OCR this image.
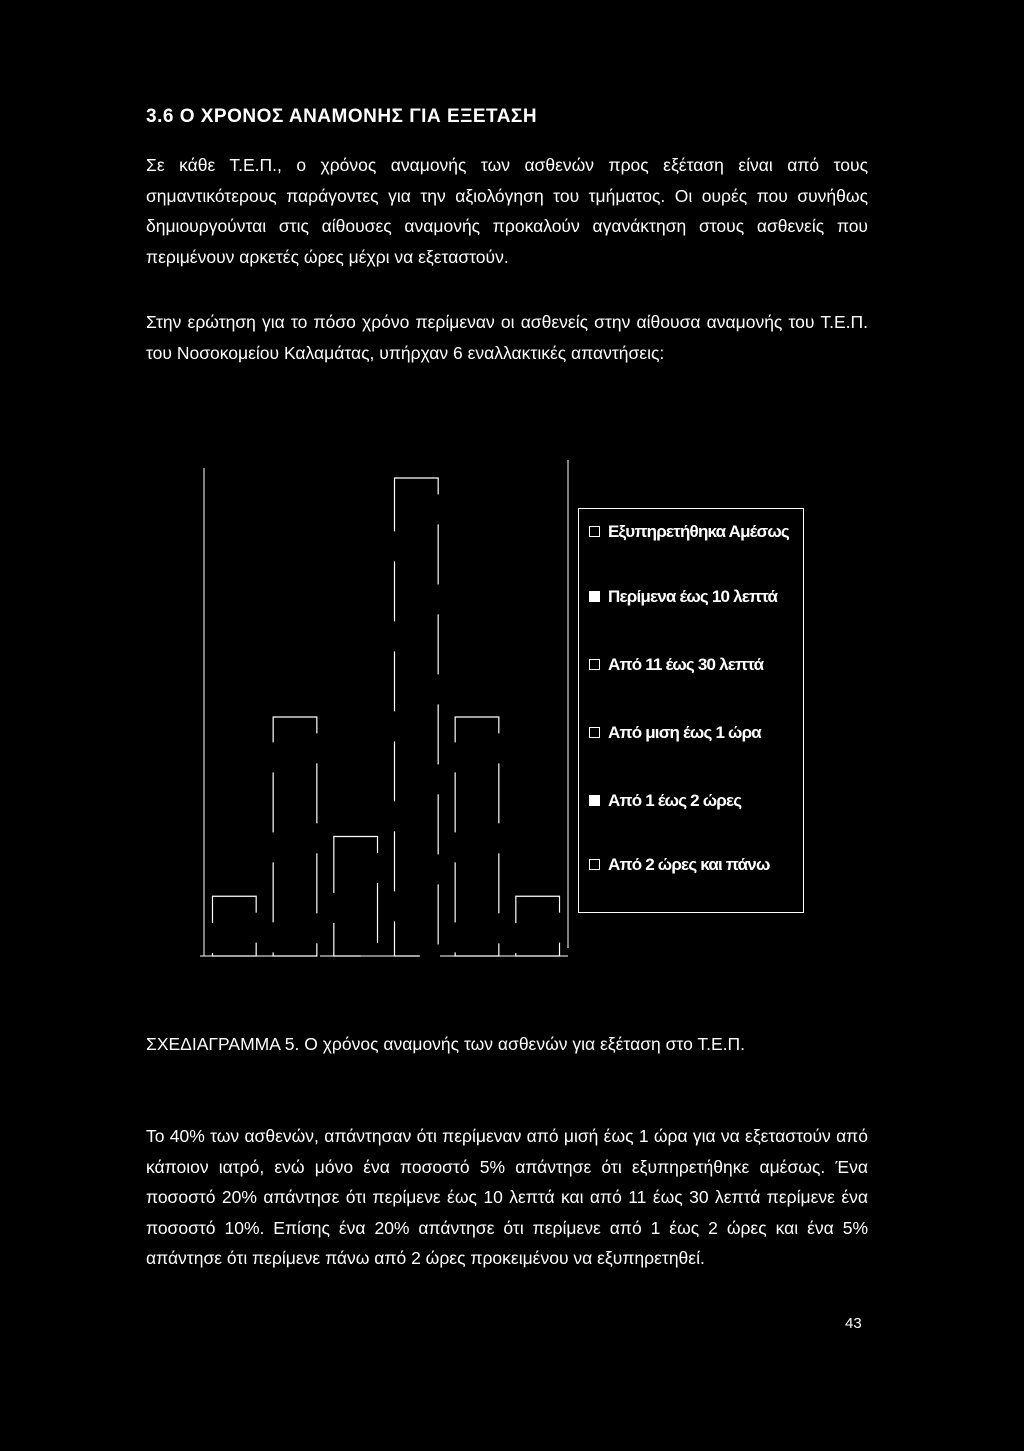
3.6 Ο ΧΡΟΝΟΣ ΑΝΑΜΟΝΗΣ ΓΙΑ ΕΞΕΤΑΣΗ

Σε κάθε Τ.Ε.Π., ο χρόνος αναμονής των ασθενών προς εξέταση είναι από τους σημαντικότερους παράγοντες για την αξιολόγηση του τμήματος. Οι ουρές που συνήθως δημιουργούνται στις αίθουσες αναμονής προκαλούν αγανάκτηση στους ασθενείς που περιμένουν αρκετές ώρες μέχρι να εξεταστούν.

Στην ερώτηση για το πόσο χρόνο περίμεναν οι ασθενείς στην αίθουσα αναμονής του Τ.Ε.Π. του Νοσοκομείου Καλαμάτας, υπήρχαν 6 εναλλακτικές απαντήσεις:

Εξυπηρετήθηκα Αμέσως
Περίμενα έως 10 λεπτά
Από 11 έως 30 λεπτά
Από μιση έως 1 ώρα
Από 1 έως 2 ώρες
Από 2 ώρες και πάνω

ΣΧΕΔΙΑΓΡΑΜΜΑ 5. Ο χρόνος αναμονής των ασθενών για εξέταση στο Τ.Ε.Π.

Το 40% των ασθενών, απάντησαν ότι περίμεναν από μισή έως 1 ώρα για να εξεταστούν από κάποιον ιατρό, ενώ μόνο ένα ποσοστό 5% απάντησε ότι εξυπηρετήθηκε αμέσως. Ένα ποσοστό 20% απάντησε ότι περίμενε έως 10 λεπτά και από 11 έως 30 λεπτά περίμενε ένα ποσοστό 10%. Επίσης ένα 20% απάντησε ότι περίμενε από 1 έως 2 ώρες και ένα 5% απάντησε ότι περίμενε πάνω από 2 ώρες προκειμένου να εξυπηρετηθεί.

43
